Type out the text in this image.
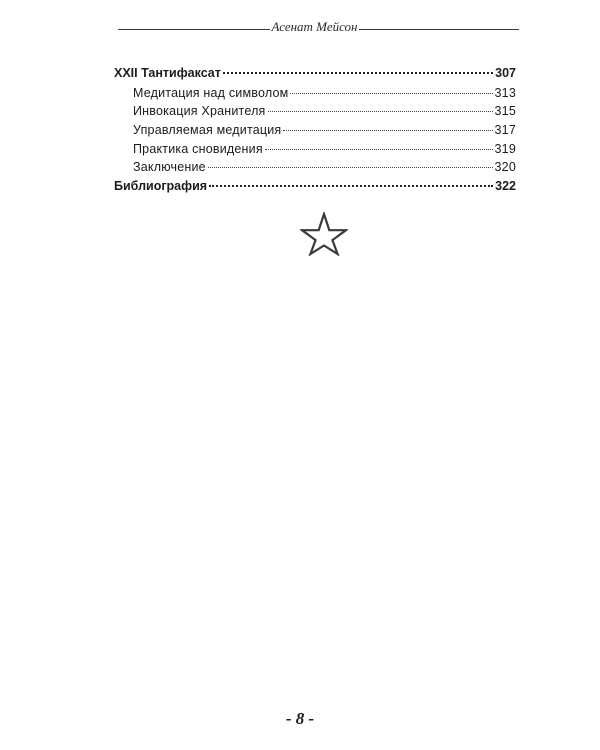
Асенат Мейсон
XXII Тантифаксат	307
Медитация над символом	313
Инвокация Хранителя	315
Управляемая медитация	317
Практика сновидения	319
Заключение	320
Библиография	322
- 8 -
